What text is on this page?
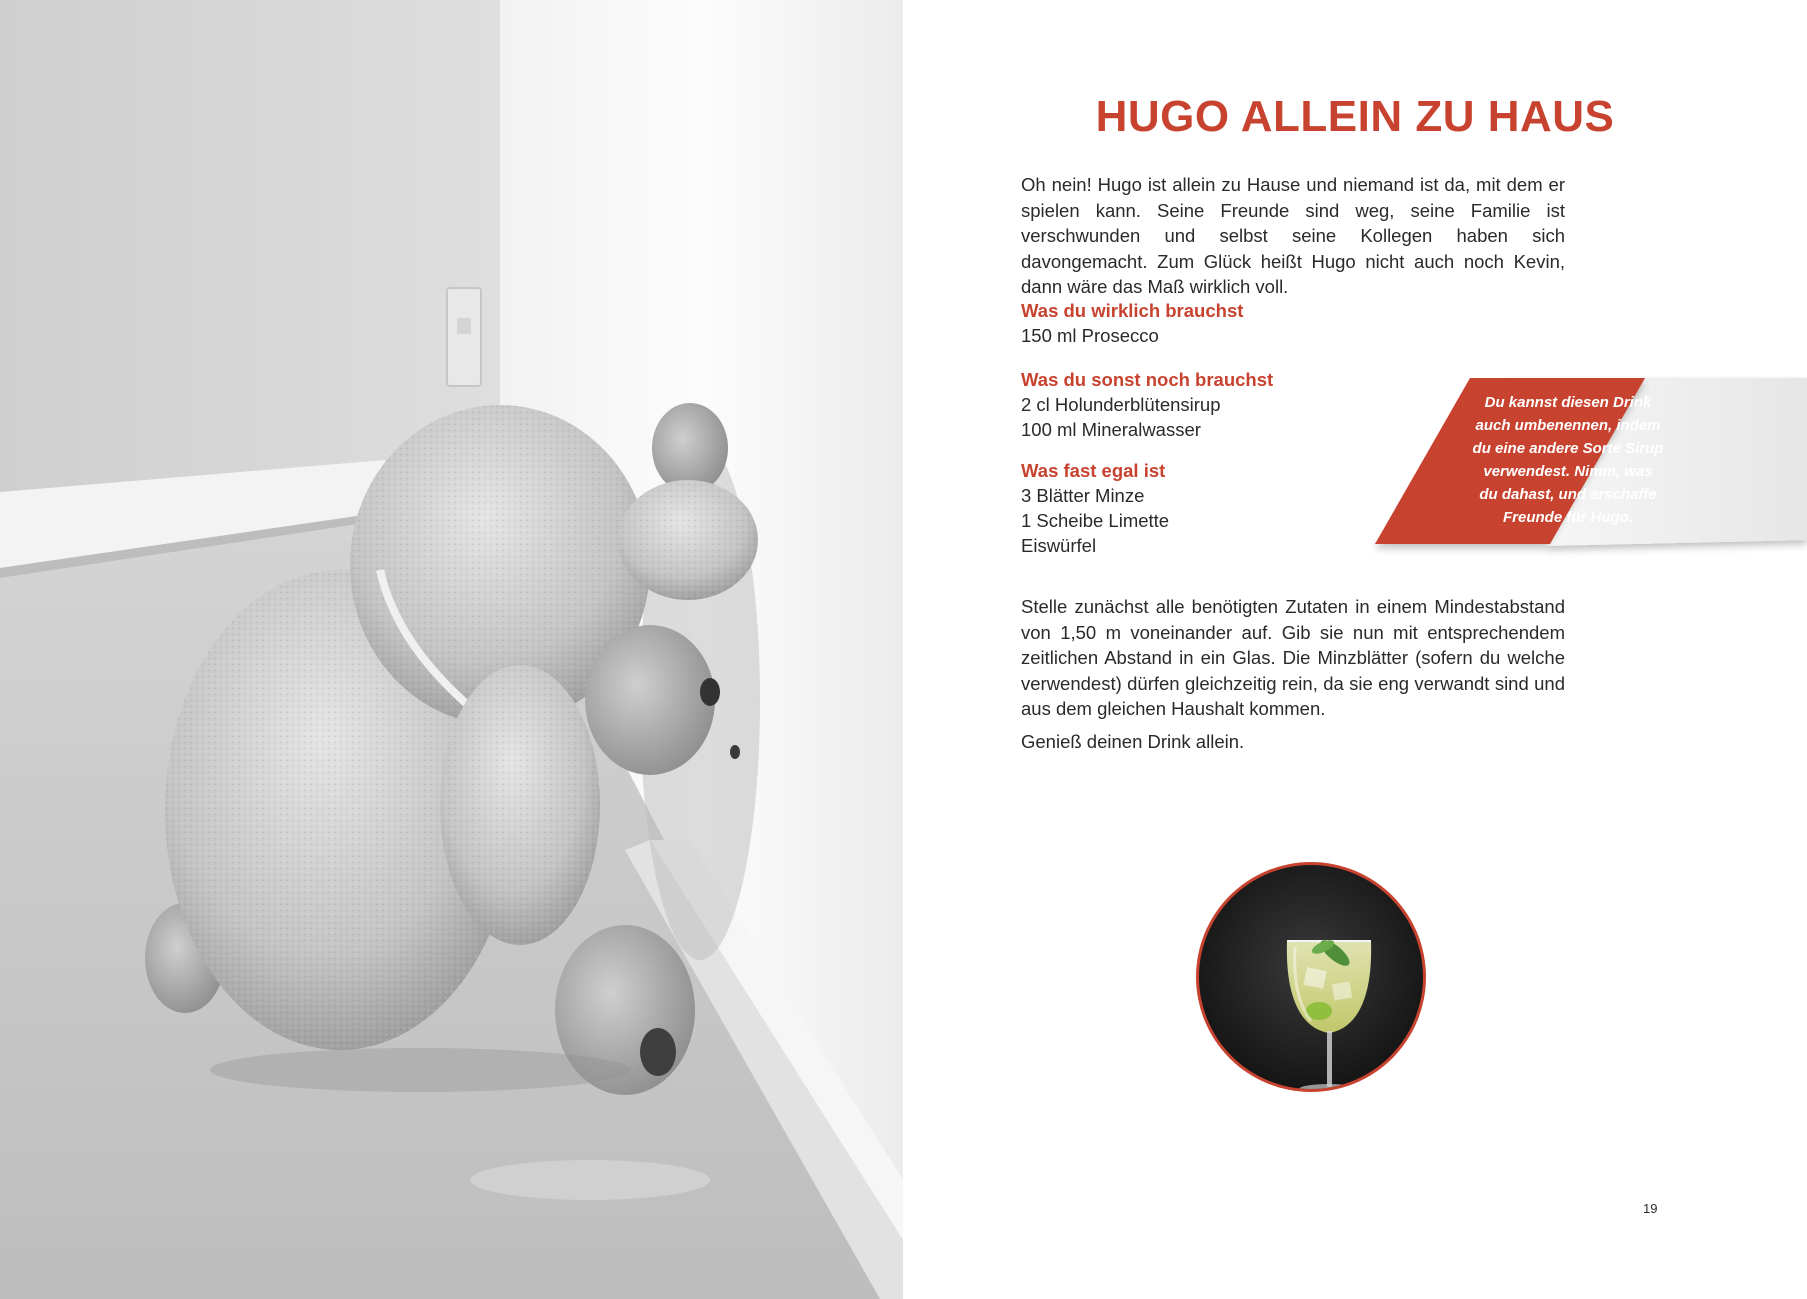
HUGO ALLEIN ZU HAUS

Oh nein! Hugo ist allein zu Hause und niemand ist da, mit dem er spielen kann. Seine Freunde sind weg, seine Familie ist verschwunden und selbst seine Kollegen haben sich davongemacht. Zum Glück heißt Hugo nicht auch noch Kevin, dann wäre das Maß wirklich voll.

Was du wirklich brauchst

150 ml Prosecco

Was du sonst noch brauchst

2 cl Holunderblütensirup
100 ml Mineralwasser

Was fast egal ist

3 Blätter Minze
1 Scheibe Limette
Eiswürfel

Du kannst diesen Drink
auch umbenennen, indem
du eine andere Sorte Sirup
verwendest. Nimm, was
du dahast, und erschaffe
Freunde für Hugo.

Stelle zunächst alle benötigten Zutaten in einem Mindestabstand von 1,50 m voneinander auf. Gib sie nun mit entsprechendem zeitlichen Abstand in ein Glas. Die Minzblätter (sofern du welche verwendest) dürfen gleichzeitig rein, da sie eng verwandt sind und aus dem gleichen Haushalt kommen.

Genieß deinen Drink allein.

19
